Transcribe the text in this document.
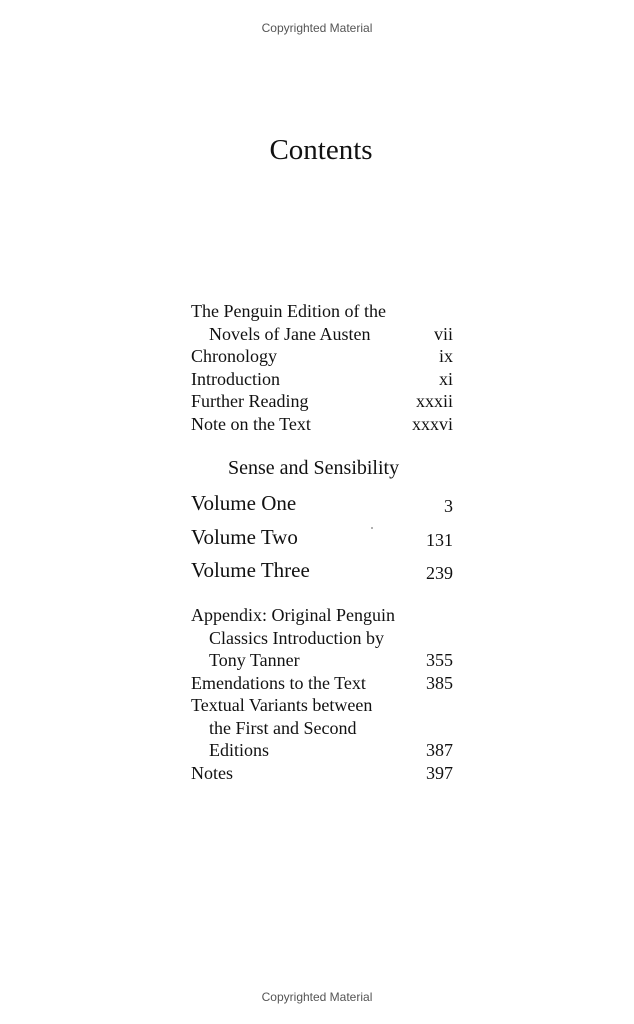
Copyrighted Material
Contents
The Penguin Edition of the
Novels of Jane Austen	vii
Chronology	ix
Introduction	xi
Further Reading	xxxii
Note on the Text	xxxvi
Sense and Sensibility
Volume One	3
Volume Two	131
Volume Three	239
Appendix: Original Penguin
Classics Introduction by
Tony Tanner	355
Emendations to the Text	385
Textual Variants between
the First and Second
Editions	387
Notes	397
Copyrighted Material
